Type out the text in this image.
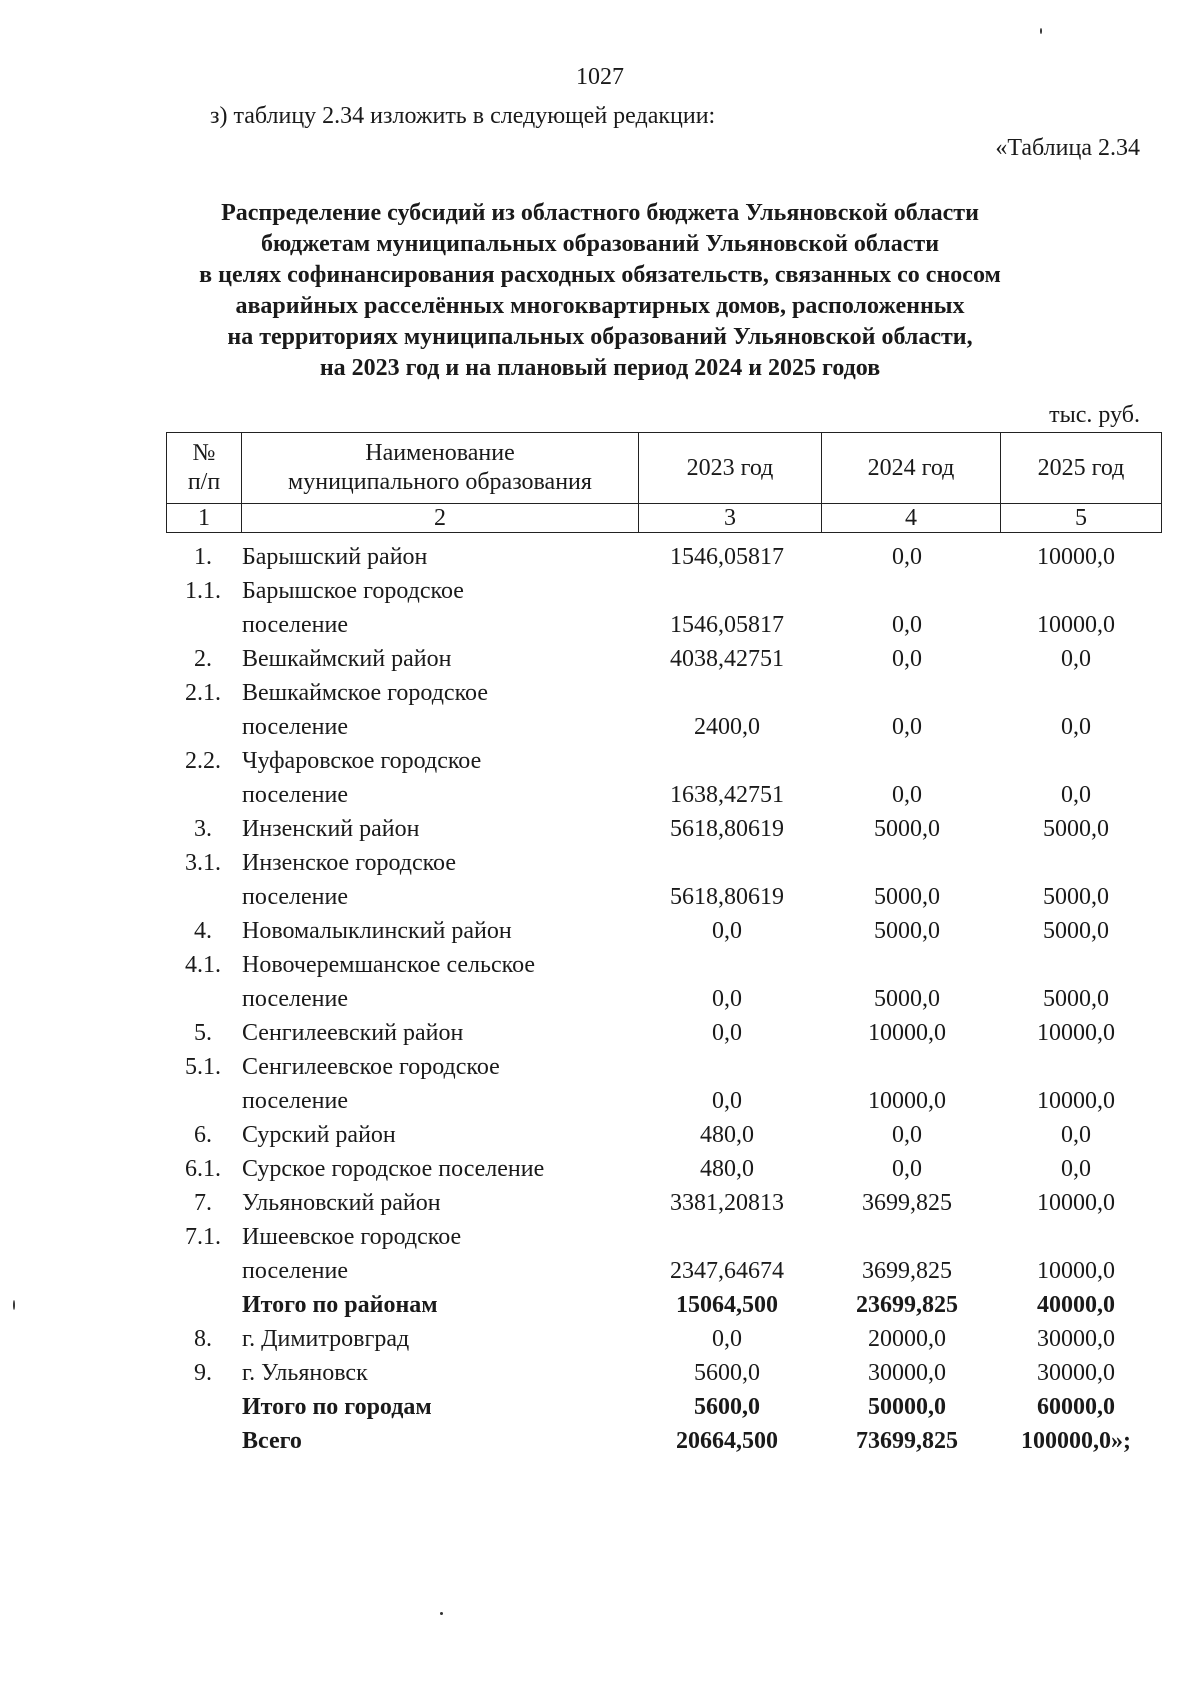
1027
з) таблицу 2.34 изложить в следующей редакции:
«Таблица 2.34
Распределение субсидий из областного бюджета Ульяновской области
бюджетам муниципальных образований Ульяновской области
в целях софинансирования расходных обязательств, связанных со сносом
аварийных расселённых многоквартирных домов, расположенных
на территориях муниципальных образований Ульяновской области,
на 2023 год и на плановый период 2024 и 2025 годов
тыс. руб.
№
п/п	Наименование
муниципального образования	2023 год	2024 год	2025 год
1	2	3	4	5
1.	Барышский район	1546,05817	0,0	10000,0
1.1. Барышское городское
поселение	1546,05817	0,0	10000,0
2.	Вешкаймский район	4038,42751	0,0	0,0
2.1. Вешкаймское городское
поселение	2400,0	0,0	0,0
2.2. Чуфаровское городское
поселение	1638,42751	0,0	0,0
3.	Инзенский район	5618,80619	5000,0	5000,0
3.1. Инзенское городское
поселение	5618,80619	5000,0	5000,0
4.	Новомалыклинский район	0,0	5000,0	5000,0
4.1. Новочеремшанское сельское
поселение	0,0	5000,0	5000,0
5.	Сенгилеевский район	0,0	10000,0	10000,0
5.1. Сенгилеевское городское
поселение	0,0	10000,0	10000,0
6.	Сурский район	480,0	0,0	0,0
6.1. Сурское городское поселение	480,0	0,0	0,0
7.	Ульяновский район	3381,20813	3699,825	10000,0
7.1. Ишеевское городское
поселение	2347,64674	3699,825	10000,0
Итого по районам	15064,500	23699,825	40000,0
8.	г. Димитровград	0,0	20000,0	30000,0
9.	г. Ульяновск	5600,0	30000,0	30000,0
Итого по городам	5600,0	50000,0	60000,0
Всего	20664,500	73699,825	100000,0»;
